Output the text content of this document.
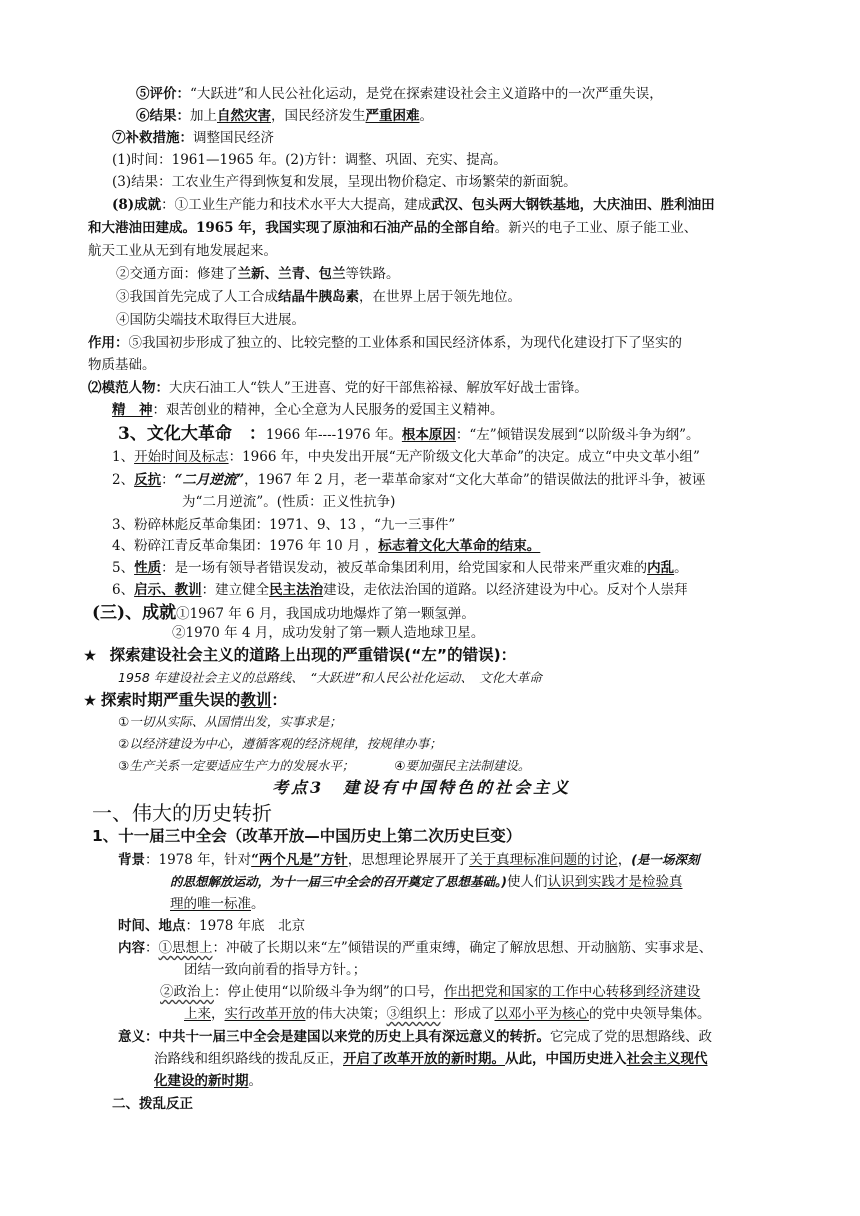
⑤评价：“大跃进”和人民公社化运动，是党在探索建设社会主义道路中的一次严重失误，
⑥结果：加上自然灾害，国民经济发生严重困难。
⑦补救措施：调整国民经济
(1)时间：1961—1965 年。(2)方针：调整、巩固、充实、提高。
(3)结果：工农业生产得到恢复和发展，呈现出物价稳定、市场繁荣的新面貌。
(8)成就：①工业生产能力和技术水平大大提高，建成武汉、包头两大钢铁基地，大庆油田、胜利油田
和大港油田建成。1965 年，我国实现了原油和石油产品的全部自给。新兴的电子工业、原子能工业、
航天工业从无到有地发展起来。
②交通方面：修建了兰新、兰青、包兰等铁路。
③我国首先完成了人工合成结晶牛胰岛素，在世界上居于领先地位。
④国防尖端技术取得巨大进展。
作用：⑤我国初步形成了独立的、比较完整的工业体系和国民经济体系，为现代化建设打下了坚实的
物质基础。
⑵模范人物：大庆石油工人“铁人”王进喜、党的好干部焦裕禄、解放军好战士雷锋。
精　神：艰苦创业的精神，全心全意为人民服务的爱国主义精神。
3、文化大革命　：1966 年----1976 年。根本原因：“左”倾错误发展到“以阶级斗争为纲”。
1、开始时间及标志：1966 年，中央发出开展“无产阶级文化大革命”的决定。成立“中央文革小组”
2、反抗：“二月逆流”，1967 年 2 月，老一辈革命家对“文化大革命”的错误做法的批评斗争，被诬
为“二月逆流”。(性质：正义性抗争)
3、粉碎林彪反革命集团：1971、9、13 ，“九一三事件”
4、粉碎江青反革命集团：1976 年 10 月 ，标志着文化大革命的结束。
5、性质：是一场有领导者错误发动，被反革命集团利用，给党国家和人民带来严重灾难的内乱。
6、启示、教训：建立健全民主法治建设，走依法治国的道路。以经济建设为中心。反对个人崇拜
(三)、成就①1967 年 6 月，我国成功地爆炸了第一颗氢弹。
②1970 年 4 月，成功发射了第一颗人造地球卫星。
★　探索建设社会主义的道路上出现的严重错误(“左”的错误)：
1958 年建设社会主义的总路线、　“大跃进”和人民公社化运动、　文化大革命
★ 探索时期严重失误的教训：
①一切从实际、从国情出发，实事求是；
②以经济建设为中心，遵循客观的经济规律，按规律办事；
③生产关系一定要适应生产力的发展水平；	④要加强民主法制建设。
考点3　建设有中国特色的社会主义
一、伟大的历史转折
1、十一届三中全会（改革开放—中国历史上第二次历史巨变）
背景：1978 年，针对“两个凡是”方针，思想理论界展开了关于真理标准问题的讨论，(是一场深刻
的思想解放运动，为十一届三中全会的召开奠定了思想基础。)使人们认识到实践才是检验真
理的唯一标准。
时间、地点：1978 年底　北京
内容：①思想上：冲破了长期以来“左”倾错误的严重束缚，确定了解放思想、开动脑筋、实事求是、
团结一致向前看的指导方针。；
②政治上：停止使用“以阶级斗争为纲”的口号，作出把党和国家的工作中心转移到经济建设
上来，实行改革开放的伟大决策；③组织上：形成了以邓小平为核心的党中央领导集体。
意义：中共十一届三中全会是建国以来党的历史上具有深远意义的转折。它完成了党的思想路线、政
治路线和组织路线的拨乱反正，开启了改革开放的新时期。从此，中国历史进入社会主义现代
化建设的新时期。
二、拨乱反正
